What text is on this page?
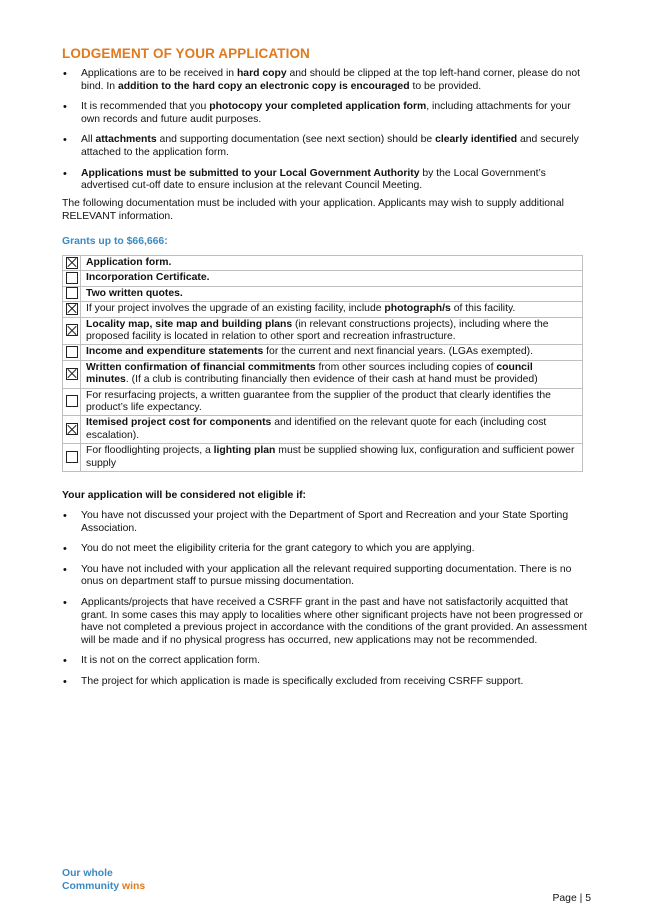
LODGEMENT OF YOUR APPLICATION
• Applications are to be received in hard copy and should be clipped at the top left-hand corner, please do not bind. In addition to the hard copy an electronic copy is encouraged to be provided.
• It is recommended that you photocopy your completed application form, including attachments for your own records and future audit purposes.
• All attachments and supporting documentation (see next section) should be clearly identified and securely attached to the application form.
• Applications must be submitted to your Local Government Authority by the Local Government’s advertised cut-off date to ensure inclusion at the relevant Council Meeting.

The following documentation must be included with your application. Applicants may wish to supply additional RELEVANT information.

Grants up to $66,666:

	Application form.
	Incorporation Certificate.
	Two written quotes.
	If your project involves the upgrade of an existing facility, include photograph/s of this facility.
	Locality map, site map and building plans (in relevant constructions projects), including where the proposed facility is located in relation to other sport and recreation infrastructure.
	Income and expenditure statements for the current and next financial years. (LGAs exempted).
	Written confirmation of financial commitments from other sources including copies of council minutes. (If a club is contributing financially then evidence of their cash at hand must be provided)
	For resurfacing projects, a written guarantee from the supplier of the product that clearly identifies the product’s life expectancy.
	Itemised project cost for components and identified on the relevant quote for each (including cost escalation).
	For floodlighting projects, a lighting plan must be supplied showing lux, configuration and sufficient power supply

Your application will be considered not eligible if:

• You have not discussed your project with the Department of Sport and Recreation and your State Sporting Association.
• You do not meet the eligibility criteria for the grant category to which you are applying.
• You have not included with your application all the relevant required supporting documentation. There is no onus on department staff to pursue missing documentation.
• Applicants/projects that have received a CSRFF grant in the past and have not satisfactorily acquitted that grant. In some cases this may apply to localities where other significant projects have not been progressed or have not completed a previous project in accordance with the conditions of the grant provided. An assessment will be made and if no physical progress has occurred, new applications may not be recommended.
• It is not on the correct application form.
• The project for which application is made is specifically excluded from receiving CSRFF support.
Our whole
Community wins
Page | 5
